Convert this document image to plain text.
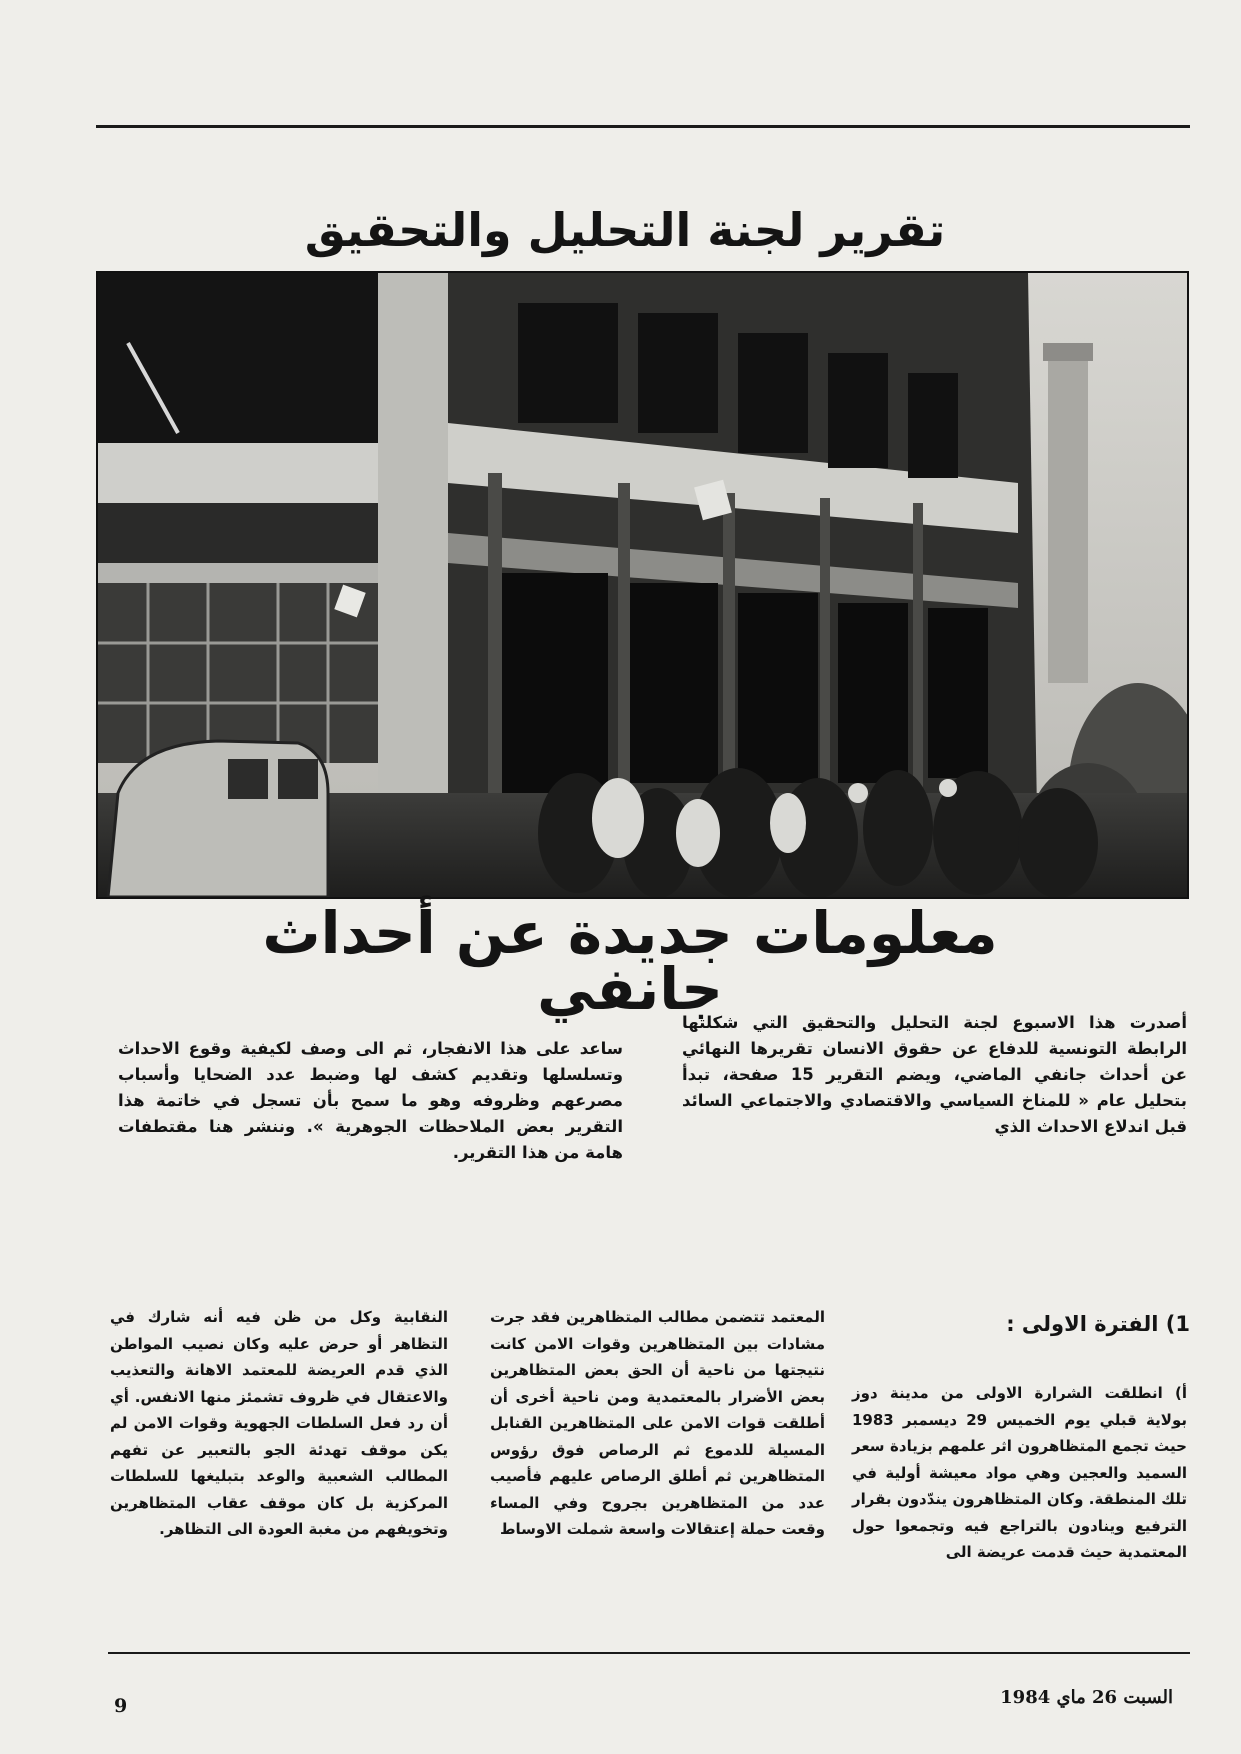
تقرير لجنة التحليل والتحقيق
معلومات جديدة عن أحداث جانفي
أصدرت هذا الاسبوع لجنة التحليل والتحقيق التي شكلتها الرابطة التونسية للدفاع عن حقوق الانسان تقريرها النهائي عن أحداث جانفي الماضي، ويضم التقرير 15 صفحة، تبدأ بتحليل عام « للمناخ السياسي والاقتصادي والاجتماعي السائد قبل اندلاع الاحداث الذي
ساعد على هذا الانفجار، ثم الى وصف لكيفية وقوع الاحداث وتسلسلها وتقديم كشف لها وضبط عدد الضحايا وأسباب مصرعهم وظروفه وهو ما سمح بأن تسجل في خاتمة هذا التقرير بعض الملاحظات الجوهرية ». وننشر هنا مقتطفات هامة من هذا التقرير.
1) الفترة الاولى :
أ) انطلقت الشرارة الاولى من مدينة دوز بولاية قبلي يوم الخميس 29 ديسمبر 1983 حيث تجمع المتظاهرون اثر علمهم بزيادة سعر السميد والعجين وهي مواد معيشة أولية في تلك المنطقة. وكان المتظاهرون يندّدون بقرار الترفيع وينادون بالتراجع فيه وتجمعوا حول المعتمدية حيث قدمت عريضة الى
المعتمد تتضمن مطالب المتظاهرين فقد جرت مشادات بين المتظاهرين وقوات الامن كانت نتيجتها من ناحية أن الحق بعض المتظاهرين بعض الأضرار بالمعتمدية ومن ناحية أخرى أن أطلقت قوات الامن على المتظاهرين القنابل المسيلة للدموع ثم الرصاص فوق رؤوس المتظاهرين ثم أطلق الرصاص عليهم فأصيب عدد من المتظاهرين بجروح وفي المساء وقعت حملة إعتقالات واسعة شملت الاوساط
النقابية وكل من ظن فيه أنه شارك في التظاهر أو حرض عليه وكان نصيب المواطن الذي قدم العريضة للمعتمد الاهانة والتعذيب والاعتقال في ظروف تشمئز منها الانفس. أي أن رد فعل السلطات الجهوية وقوات الامن لم يكن موقف تهدئة الجو بالتعبير عن تفهم المطالب الشعبية والوعد بتبليغها للسلطات المركزية بل كان موقف عقاب المتظاهرين وتخويفهم من مغبة العودة الى التظاهر.
السبت 26 ماي 1984
9
